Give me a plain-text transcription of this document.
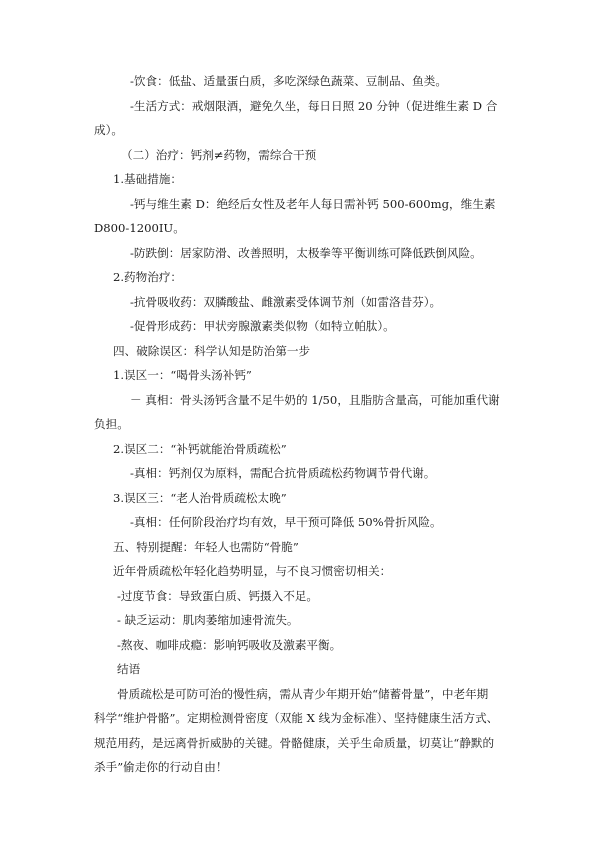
-饮食：低盐、适量蛋白质，多吃深绿色蔬菜、豆制品、鱼类。
-生活方式：戒烟限酒，避免久坐，每日日照 20 分钟（促进维生素 D 合
成）。
（二）治疗：钙剂≠药物，需综合干预
1.基础措施：
-钙与维生素 D：绝经后女性及老年人每日需补钙 500-600mg，维生素
D800-1200IU。
-防跌倒：居家防滑、改善照明，太极拳等平衡训练可降低跌倒风险。
2.药物治疗：
-抗骨吸收药：双膦酸盐、雌激素受体调节剂（如雷洛昔芬）。
-促骨形成药：甲状旁腺激素类似物（如特立帕肽）。
四、破除误区：科学认知是防治第一步
1.误区一：“喝骨头汤补钙”
－ 真相：骨头汤钙含量不足牛奶的 1/50，且脂肪含量高，可能加重代谢
负担。
2.误区二：“补钙就能治骨质疏松”
-真相：钙剂仅为原料，需配合抗骨质疏松药物调节骨代谢。
3.误区三：“老人治骨质疏松太晚”
-真相：任何阶段治疗均有效，早干预可降低 50%骨折风险。
五、特别提醒：年轻人也需防“骨脆”
近年骨质疏松年轻化趋势明显，与不良习惯密切相关：
-过度节食：导致蛋白质、钙摄入不足。
- 缺乏运动：肌肉萎缩加速骨流失。
-熬夜、咖啡成瘾：影响钙吸收及激素平衡。
结语
骨质疏松是可防可治的慢性病，需从青少年期开始“储蓄骨量”，中老年期
科学“维护骨骼”。定期检测骨密度（双能 X 线为金标准）、坚持健康生活方式、
规范用药，是远离骨折威胁的关键。骨骼健康，关乎生命质量，切莫让“静默的
杀手”偷走你的行动自由！
